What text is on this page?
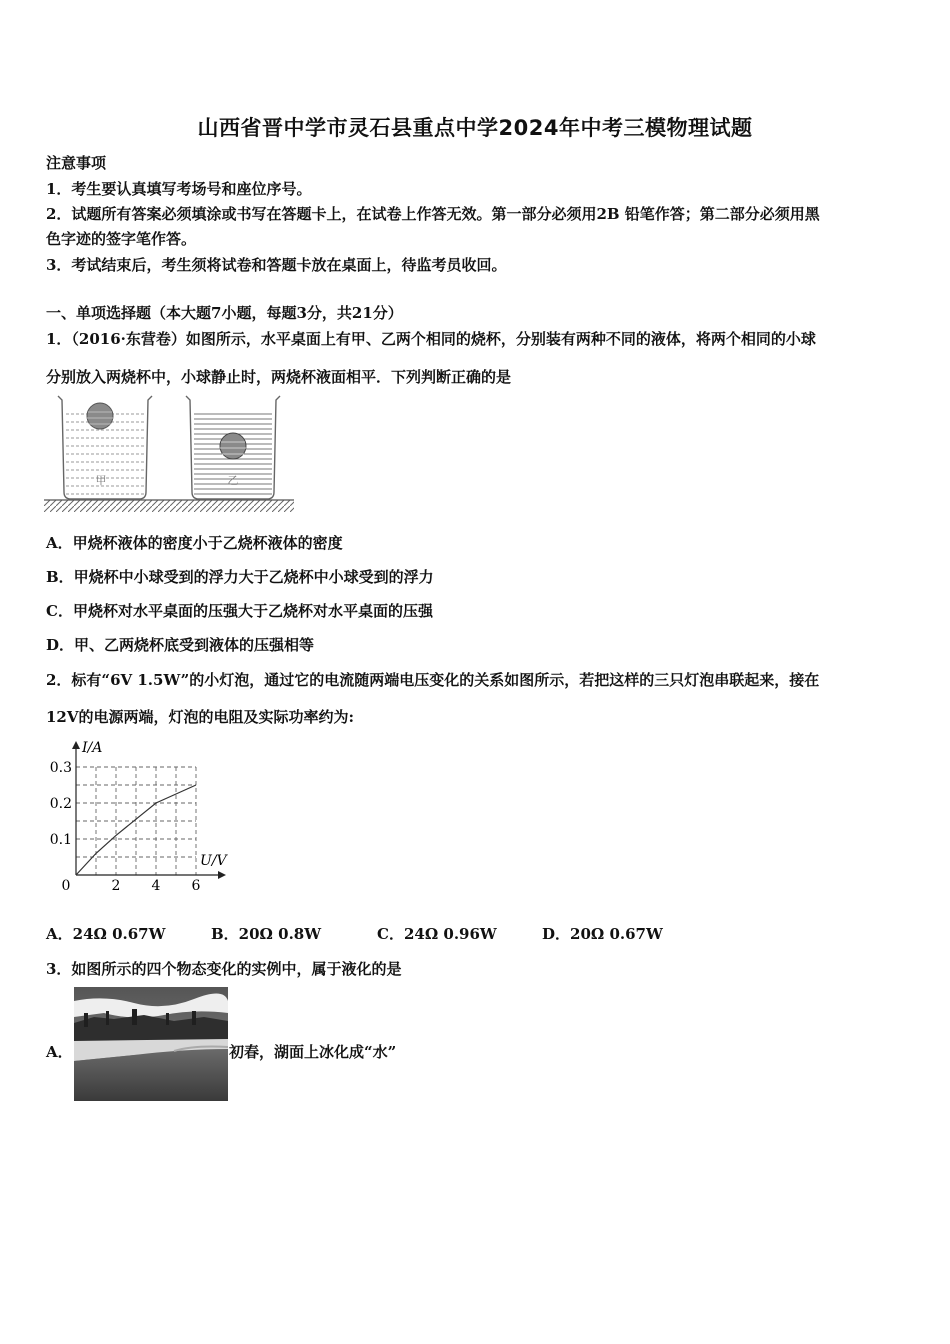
山西省晋中学市灵石县重点中学2024年中考三模物理试题
注意事项
1．考生要认真填写考场号和座位序号。
2．试题所有答案必须填涂或书写在答题卡上，在试卷上作答无效。第一部分必须用2B 铅笔作答；第二部分必须用黑
色字迹的签字笔作答。
3．考试结束后，考生须将试卷和答题卡放在桌面上，待监考员收回。
一、单项选择题（本大题7小题，每题3分，共21分）
1．（2016·东营卷）如图所示，水平桌面上有甲、乙两个相同的烧杯，分别装有两种不同的液体，将两个相同的小球
分别放入两烧杯中，小球静止时，两烧杯液面相平．下列判断正确的是
甲	乙
A．甲烧杯液体的密度小于乙烧杯液体的密度
B．甲烧杯中小球受到的浮力大于乙烧杯中小球受到的浮力
C．甲烧杯对水平桌面的压强大于乙烧杯对水平桌面的压强
D．甲、乙两烧杯底受到液体的压强相等
2．标有“6V 1.5W”的小灯泡，通过它的电流随两端电压变化的关系如图所示，若把这样的三只灯泡串联起来，接在
12V的电源两端，灯泡的电阻及实际功率约为:
0	2 4 6
0.1
0.2
0.3
I/A
U/V
A．24Ω 0.67W	B．20Ω 0.8W	C．24Ω 0.96W	D．20Ω 0.67W
3．如图所示的四个物态变化的实例中，属于液化的是
A．	初春，湖面上冰化成“水”
